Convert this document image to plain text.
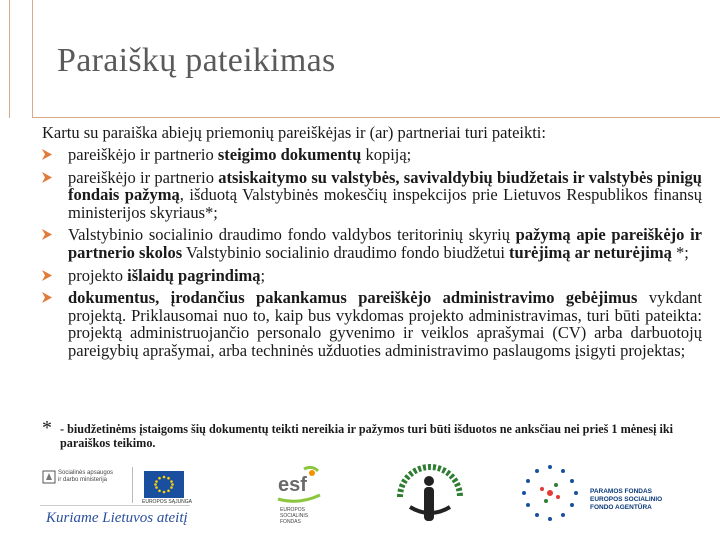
Paraiškų pateikimas
Kartu su paraiška abiejų priemonių pareiškėjas ir (ar) partneriai turi pateikti:
pareiškėjo ir partnerio steigimo dokumentų kopiją;
pareiškėjo ir partnerio atsiskaitymo su valstybės, savivaldybių biudžetais ir valstybės pinigų fondais pažymą, išduotą Valstybinės mokesčių inspekcijos prie Lietuvos Respublikos finansų ministerijos skyriaus*;
Valstybinio socialinio draudimo fondo valdybos teritorinių skyrių pažymą apie pareiškėjo ir partnerio skolos Valstybinio socialinio draudimo fondo biudžetui turėjimą ar neturėjimą *;
projekto išlaidų pagrindimą;
dokumentus, įrodančius pakankamus pareiškėjo administravimo gebėjimus vykdant projektą. Priklausomai nuo to, kaip bus vykdomas projekto administravimas, turi būti pateikta: projektą administruojančio personalo gyvenimo ir veiklos aprašymai (CV) arba darbuotojų pareigybių aprašymai, arba techninės užduoties administravimo paslaugoms įsigyti projektas;
* - biudžetinėms įstaigoms šių dokumentų teikti nereikia ir pažymos turi būti išduotos ne anksčiau nei prieš 1 mėnesį iki paraiškos teikimo.
Socialinės apsaugos
ir darbo ministerija
EUROPOS SĄJUNGA
Kuriame Lietuvos ateitį
esf
EUROPOS
SOCIALINIS
FONDAS
PARAMOS FONDAS
EUROPOS SOCIALINIO
FONDO AGENTŪRA
